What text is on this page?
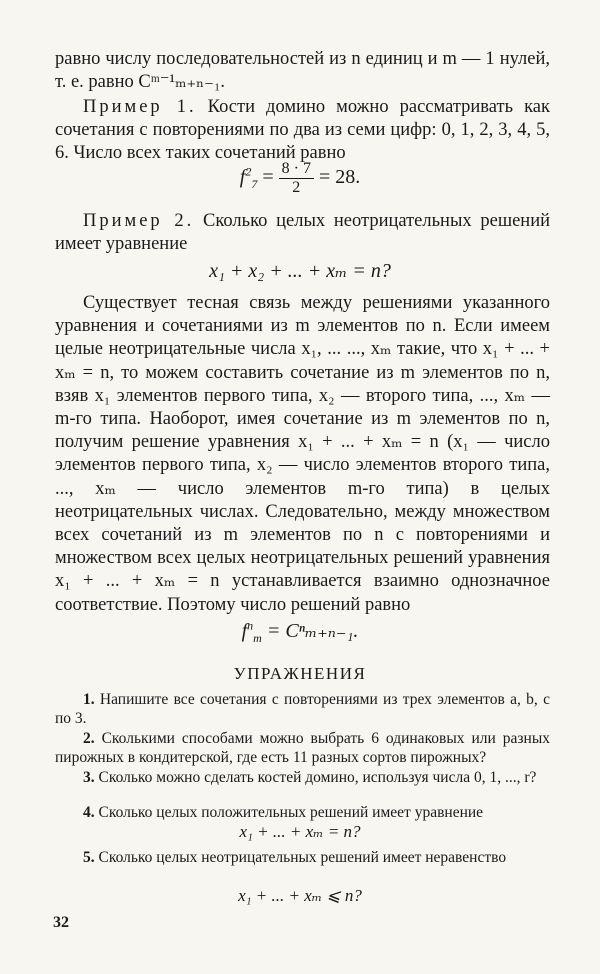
равно числу последовательностей из n единиц и m — 1 нулей, т. е. равно Cᵐ⁻¹ₘ₊ₙ₋₁.

Пример 1. Кости домино можно рассматривать как сочетания с повторениями по два из семи цифр: 0, 1, 2, 3, 4, 5, 6. Число всех таких сочетаний равно

$f^2_7 = \frac{8 \cdot 7}{2} = 28$.

Пример 2. Сколько целых неотрицательных решений имеет уравнение

x₁ + x₂ + ... + xₘ = n?

Существует тесная связь между решениями указанного уравнения и сочетаниями из m элементов по n. Если имеем целые неотрицательные числа x₁, ... ..., xₘ такие, что x₁ + ... + xₘ = n, то можем составить сочетание из m элементов по n, взяв x₁ элементов первого типа, x₂ — второго типа, ..., xₘ — m-го типа. Наоборот, имея сочетание из m элементов по n, получим решение уравнения x₁ + ... + xₘ = n (x₁ — число элементов первого типа, x₂ — число элементов второго типа, ..., xₘ — число элементов m-го типа) в целых неотрицательных числах. Следовательно, между множеством всех сочетаний из m элементов по n с повторениями и множеством всех целых неотрицательных решений уравнения x₁ + ... + xₘ = n устанавливается взаимно однозначное соответствие. Поэтому число решений равно

$f^n_m = C^n_{m+n-1}$.
УПРАЖНЕНИЯ

1. Напишите все сочетания с повторениями из трех элементов a, b, c по 3.

2. Сколькими способами можно выбрать 6 одинаковых или разных пирожных в кондитерской, где есть 11 разных сортов пирожных?

3. Сколько можно сделать костей домино, используя числа 0, 1, ..., r?

4. Сколько целых положительных решений имеет уравнение

x₁ + ... + xₘ = n?

5. Сколько целых неотрицательных решений имеет неравенство

x₁ + ... + xₘ ⩽ n?
32
